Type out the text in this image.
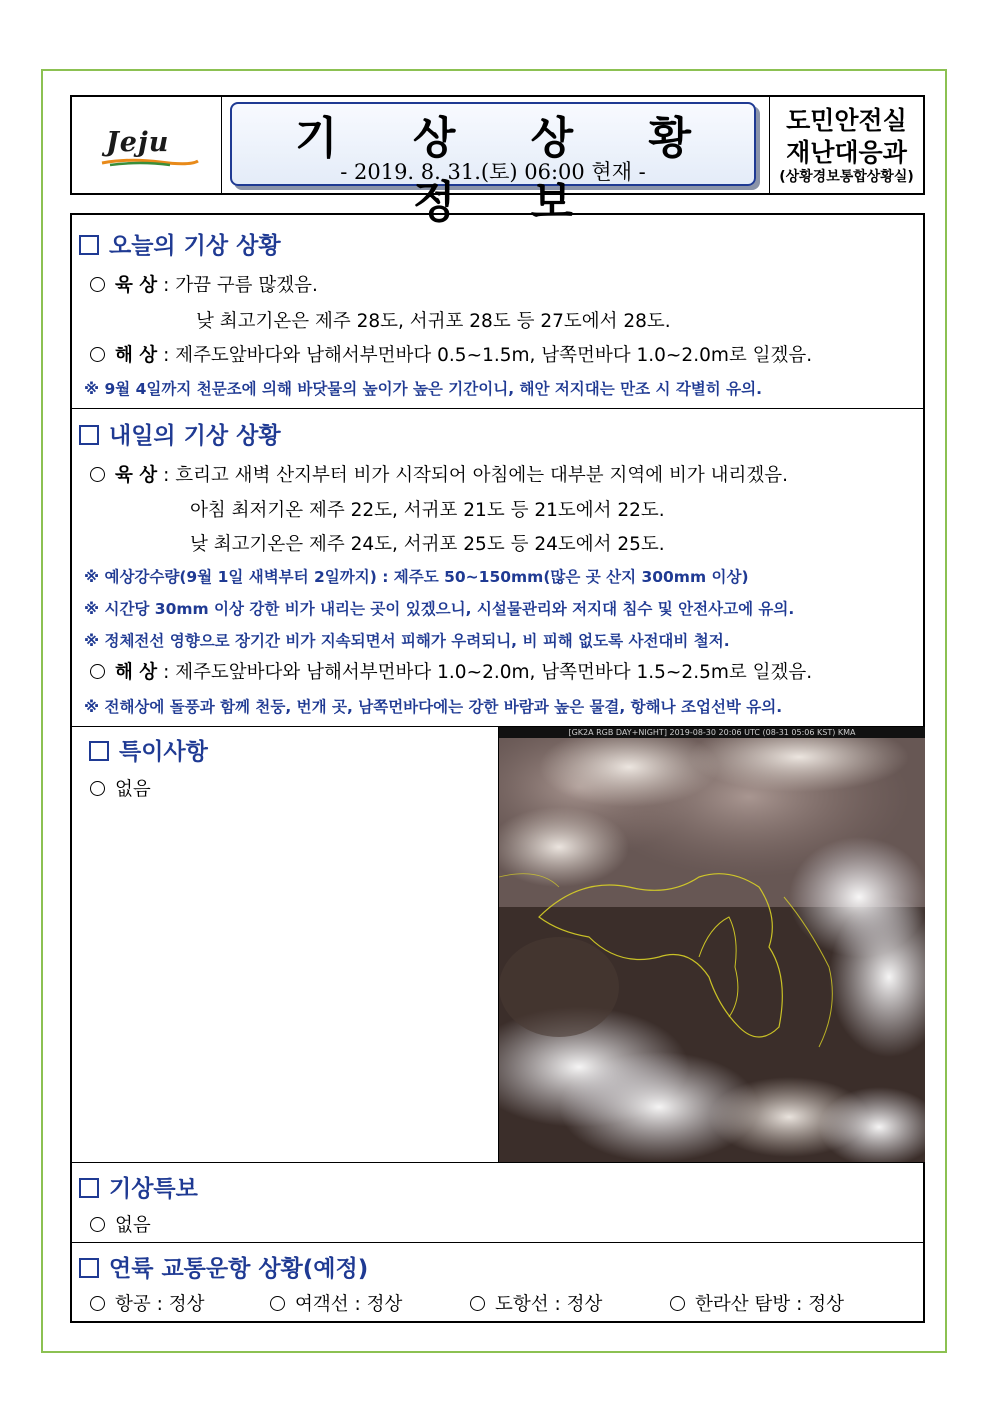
Jeju	기 상 상 황 정 보
- 2019. 8. 31.(토) 06:00 현재 -
도민안전실
재난대응과
(상황경보통합상황실)
오늘의 기상 상황
육 상 : 가끔 구름 많겠음.
낮 최고기온은 제주 28도, 서귀포 28도 등 27도에서 28도.
해 상 : 제주도앞바다와 남해서부먼바다 0.5~1.5m, 남쪽먼바다 1.0~2.0m로 일겠음.
※ 9월 4일까지 천문조에 의해 바닷물의 높이가 높은 기간이니, 해안 저지대는 만조 시 각별히 유의.
내일의 기상 상황
육 상 : 흐리고 새벽 산지부터 비가 시작되어 아침에는 대부분 지역에 비가 내리겠음.
아침 최저기온 제주 22도, 서귀포 21도 등 21도에서 22도.
낮 최고기온은 제주 24도, 서귀포 25도 등 24도에서 25도.
※ 예상강수량(9월 1일 새벽부터 2일까지) : 제주도 50~150mm(많은 곳 산지 300mm 이상)
※ 시간당 30mm 이상 강한 비가 내리는 곳이 있겠으니, 시설물관리와 저지대 침수 및 안전사고에 유의.
※ 정체전선 영향으로 장기간 비가 지속되면서 피해가 우려되니, 비 피해 없도록 사전대비 철저.
해 상 : 제주도앞바다와 남해서부먼바다 1.0~2.0m, 남쪽먼바다 1.5~2.5m로 일겠음.
※ 전해상에 돌풍과 함께 천둥, 번개 곳, 남쪽먼바다에는 강한 바람과 높은 물결, 항해나 조업선박 유의.
특이사항
없음
[GK2A RGB DAY+NIGHT] 2019-08-30 20:06 UTC (08-31 05:06 KST) KMA
기상특보
없음
연륙 교통운항 상황(예정)
항공 : 정상	여객선 : 정상	도항선 : 정상	한라산 탐방 : 정상
